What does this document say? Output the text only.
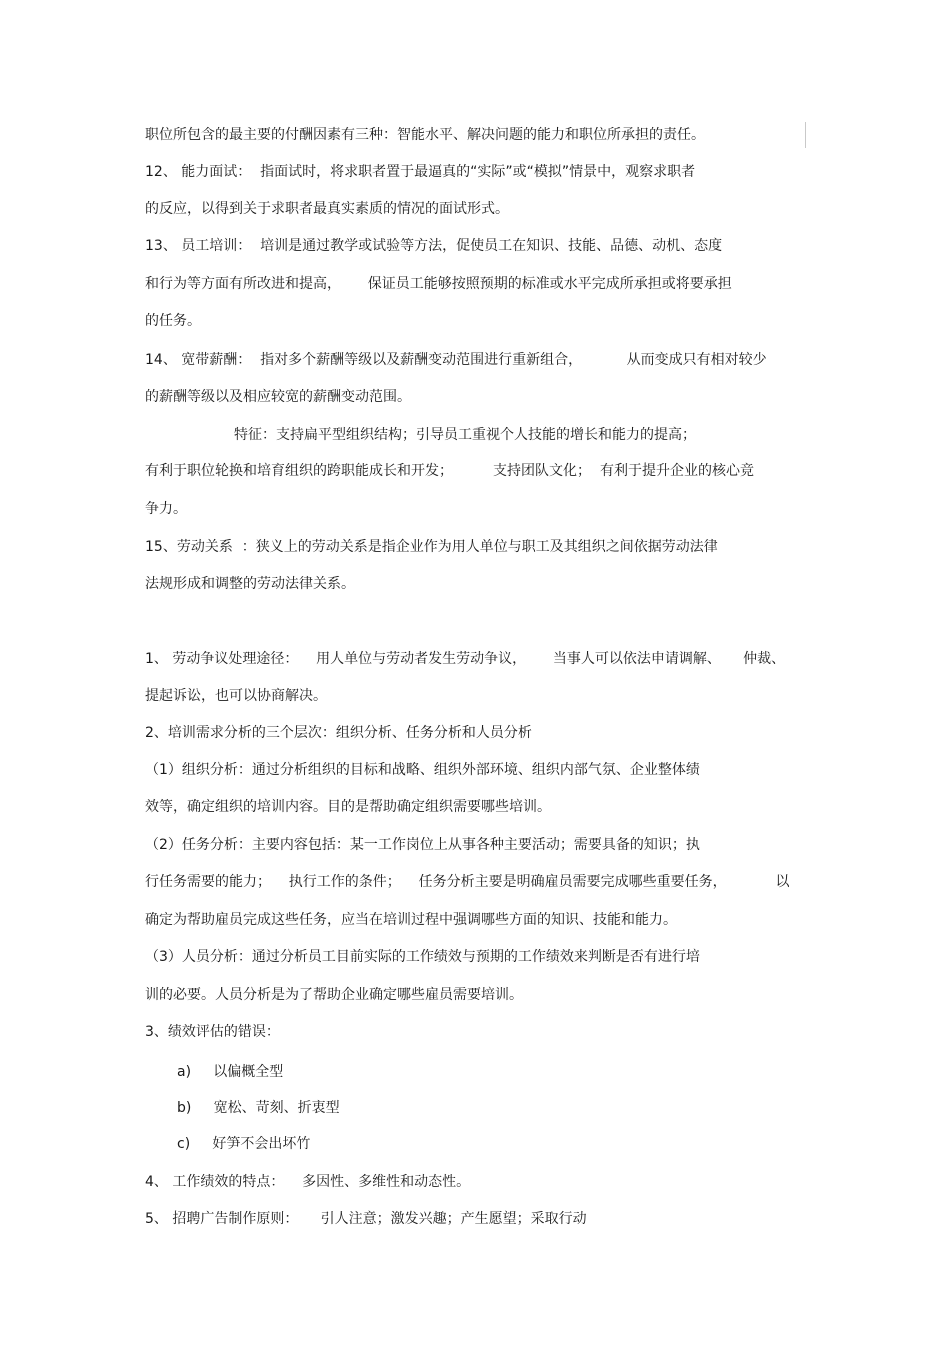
职位所包含的最主要的付酬因素有三种：智能水平、解决问题的能力和职位所承担的责任。
12、 能力面试：  指面试时，将求职者置于最逼真的“实际”或“模拟”情景中，观察求职者
的反应，以得到关于求职者最真实素质的情况的面试形式。
13、 员工培训：  培训是通过教学或试验等方法，促使员工在知识、技能、品德、动机、态度
和行为等方面有所改进和提高，      保证员工能够按照预期的标准或水平完成所承担或将要承担
的任务。
14、 宽带薪酬：  指对多个薪酬等级以及薪酬变动范围进行重新组合，          从而变成只有相对较少
的薪酬等级以及相应较宽的薪酬变动范围。
特征：支持扁平型组织结构；引导员工重视个人技能的增长和能力的提高；
有利于职位轮换和培育组织的跨职能成长和开发；         支持团队文化；  有利于提升企业的核心竞
争力。
15、劳动关系  ：狭义上的劳动关系是指企业作为用人单位与职工及其组织之间依据劳动法律
法规形成和调整的劳动法律关系。
1、 劳动争议处理途径：    用人单位与劳动者发生劳动争议，      当事人可以依法申请调解、     仲裁、
提起诉讼，也可以协商解决。
2、培训需求分析的三个层次：组织分析、任务分析和人员分析
（1）组织分析：通过分析组织的目标和战略、组织外部环境、组织内部气氛、企业整体绩
效等，确定组织的培训内容。目的是帮助确定组织需要哪些培训。
（2）任务分析：主要内容包括：某一工作岗位上从事各种主要活动；需要具备的知识；执
行任务需要的能力；    执行工作的条件；    任务分析主要是明确雇员需要完成哪些重要任务，           以
确定为帮助雇员完成这些任务，应当在培训过程中强调哪些方面的知识、技能和能力。
（3）人员分析：通过分析员工目前实际的工作绩效与预期的工作绩效来判断是否有进行培
训的必要。人员分析是为了帮助企业确定哪些雇员需要培训。
3、绩效评估的错误：
a)     以偏概全型
b)     宽松、苛刻、折衷型
c)     好笋不会出坏竹
4、 工作绩效的特点：    多因性、多维性和动态性。
5、 招聘广告制作原则：     引人注意；激发兴趣；产生愿望；采取行动
